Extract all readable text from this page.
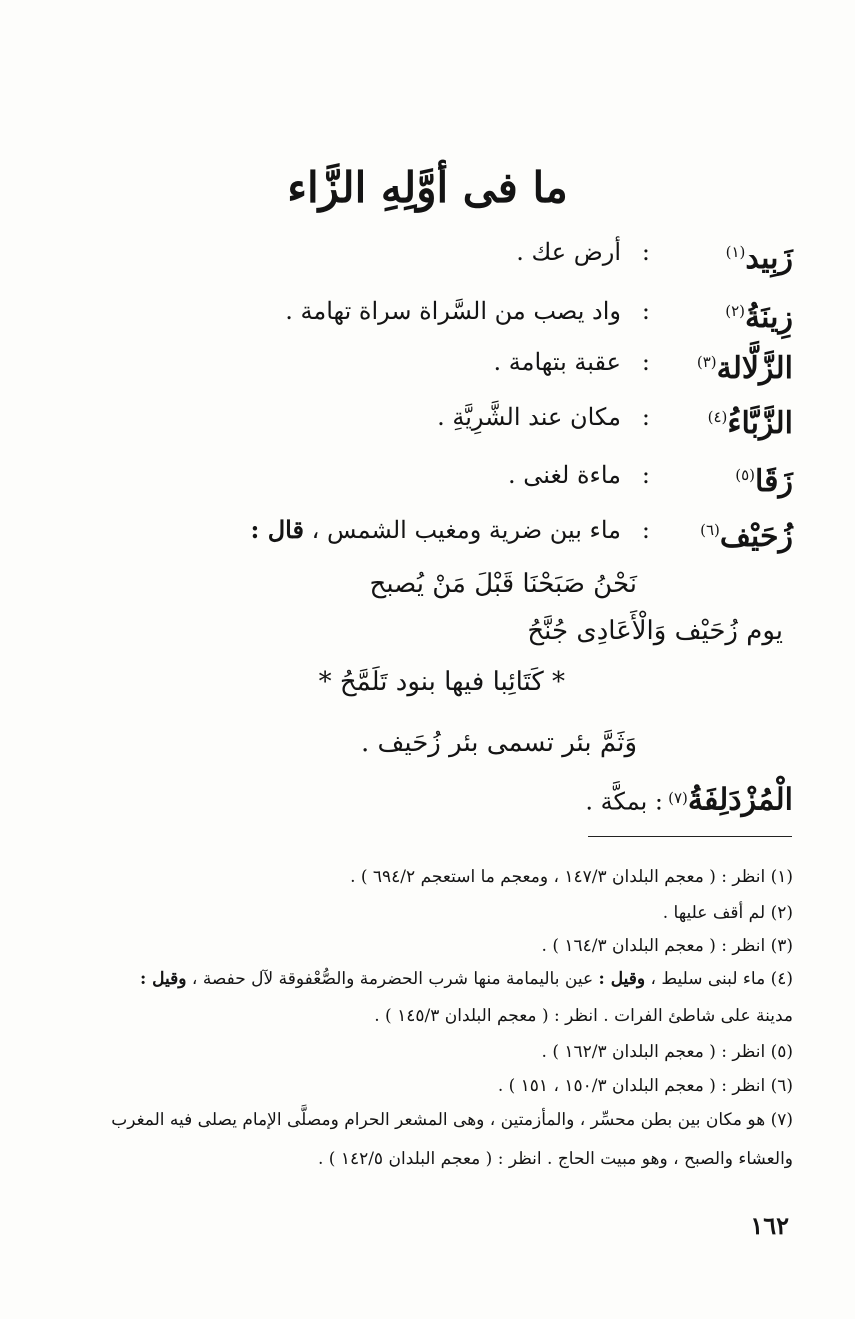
ما فى أوَّلِهِ الزَّاء
زَبِيد$^{(١)}$
:
أرض عك .
زِينَةُ$^{(٢)}$
:
واد يصب من السَّراة سراة تهامة .
الزَّلَّالة$^{(٣)}$
:
عقبة بتهامة .
الزَّبَّاءُ$^{(٤)}$
:
مكان عند الشَّرِيَّةِ .
زَقَا$^{(٥)}$
:
ماءة لغنى .
زُحَيْف$^{(٦)}$
:
ماء بين ضرية ومغيب الشمس ، قال :
نَحْنُ صَبَحْنَا قَبْلَ مَنْ يُصبح
يوم زُحَيْف وَالْأَعَادِى جُنَّحُ
* كَتَائِبا فيها بنود تَلَمَّحُ *
وَثَمَّ بئر تسمى بئر زُحَيف .
الْمُزْدَلِفَةُ(٧) : بمكَّة .
(١) انظر : ( معجم البلدان ١٤٧/٣ ، ومعجم ما استعجم ٦٩٤/٢ ) .
(٢) لم أقف عليها .
(٣) انظر : ( معجم البلدان ١٦٤/٣ ) .
(٤) ماء لبنى سليط ، وقيل : عين باليمامة منها شرب الحضرمة والصُّعْفوقة لآل حفصة ، وقيل :
مدينة على شاطئ الفرات . انظر : ( معجم البلدان ١٤٥/٣ ) .
(٥) انظر : ( معجم البلدان ١٦٢/٣ ) .
(٦) انظر : ( معجم البلدان ١٥٠/٣ ، ١٥١ ) .
(٧) هو مكان بين بطن محسِّر ، والمأزمتين ، وهى المشعر الحرام ومصلَّى الإمام يصلى فيه المغرب
والعشاء والصبح ، وهو مبيت الحاج . انظر : ( معجم البلدان ١٤٢/٥ ) .
١٦٢
